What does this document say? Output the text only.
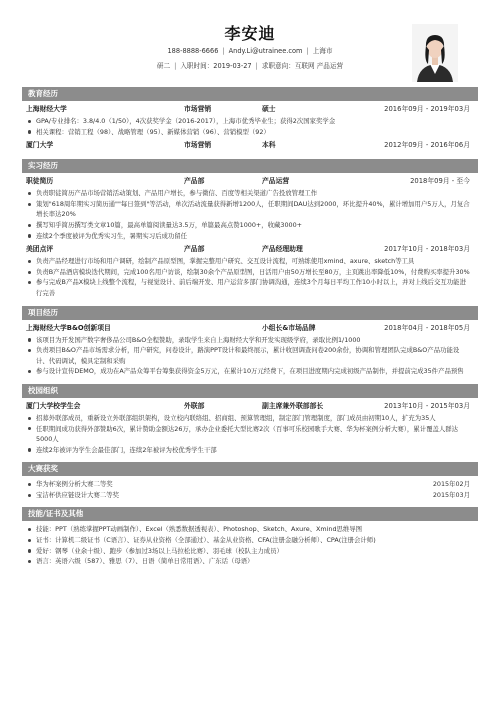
李安迪
188-8888-6666 | Andy.Li@utrainee.com | 上海市
研二 | 入职时间：2019-03-27 | 求职意向：互联网 产品运营
教育经历
上海财经大学	市场营销	硕士	2016年09月 - 2019年03月
GPA/专业排名：3.8/4.0（1/50），4次获奖学金（2016-2017），上海市优秀毕业生；获得2次国家奖学金
相关课程：营销工程（98）、战略管理（95）、新媒体营销（96）、营销模型（92）
厦门大学	市场营销	本科	2012年09月 - 2016年06月
实习经历
职徒简历	产品部	产品运营	2018年09月 - 至今
负责职徒简历产品市场营销活动策划、产品用户增长，参与微信、百度等相关渠道广告投放管理工作
策划"618周年期实习简历通""每日签到"等活动，单次活动流量获得新增1200人，任职期间DAU达到2000，环比提升40%，累计增加用户5万人，月复合增长率达20%
撰写知乎简历撰写类文章10篇，最高单篇阅读量达3.5万，单篇最高点赞1000+，收藏3000+
连续2个季度被评为优秀实习生，暑期实习后成功留任
美团点评	产品部	产品经理助理	2017年10月 - 2018年03月
负责产品经理进行市场和用户调研，绘制产品原型图，掌握完整用户研究、交互设计流程，可熟练使用xmind、axure、sketch等工具
负责B产品酒店模块迭代期间，完成100名用户访谈，绘制30余个产品原型图，日活用户由50万增长至80万，主页跳出率降低10%，付费购买率提升30%
参与完成B产品X模块上线整个流程，与视觉设计、前后端开发、用户运营多部门协调沟通，连续3个月每日平均工作10小时以上，并对上线后交互功能进行完善
项目经历
上海财经大学B&O创新项目	小组长&市场品牌	2018年04月 - 2018年05月
该项目为开发国产数字奢侈品公司B&O全程赞助，录取学生来自上海财经大学和开发实现级学府，录取比例1/1000
负责项目B&O产品市场需求分析，用户研究，问卷设计，路演PPT设计和最终展示，累计收回调查问卷200余份，协调和管理团队完成B&O产品功能设计、代码调试，模具定制和采购
参与设计宣传DEMO，成功在A产品众筹平台筹集获得资金5万元，在累计10万元经费下，在项目进度期内完成初级产品制作，并提前完成35件产品预售
校园组织
厦门大学校学生会	外联部	副主席兼外联部部长	2013年10月 - 2015年03月
招募外联部成员，重新设立外联部组织架构，设立校内联络组、招商组、预算管理组，制定部门管理制度，部门成员由初期10人，扩充为35人
任职期间成功获得外部赞助6次，累计赞助金额达26万，承办企业委托大型比赛2次（百事可乐校园歌手大赛、华为杯案例分析大赛），累计覆盖人群达5000人
连续2年被评为学生会最佳部门，连续2年被评为校优秀学生干部
大赛获奖
华为杯案例分析大赛二等奖	2015年02月
宝洁杯供应链设计大赛二等奖	2015年03月
技能/证书及其他
技能：PPT（熟练掌握PPT动画制作）、Excel（熟悉数据透视表）、Photoshop、Sketch、Axure、Xmind思维导图
证书：计算机二级证书（C语言）、证券从业资格（全部通过）、基金从业资格、CFA(注册金融分析师）、CPA(注册会计师)
爱好：钢琴（业余十级）、跑步（参加过3场以上马拉松比赛）、羽毛球（校队主力成员）
语言：英语六级（587）、雅思（7）、日语（简单日常用语）、广东话（母语）
